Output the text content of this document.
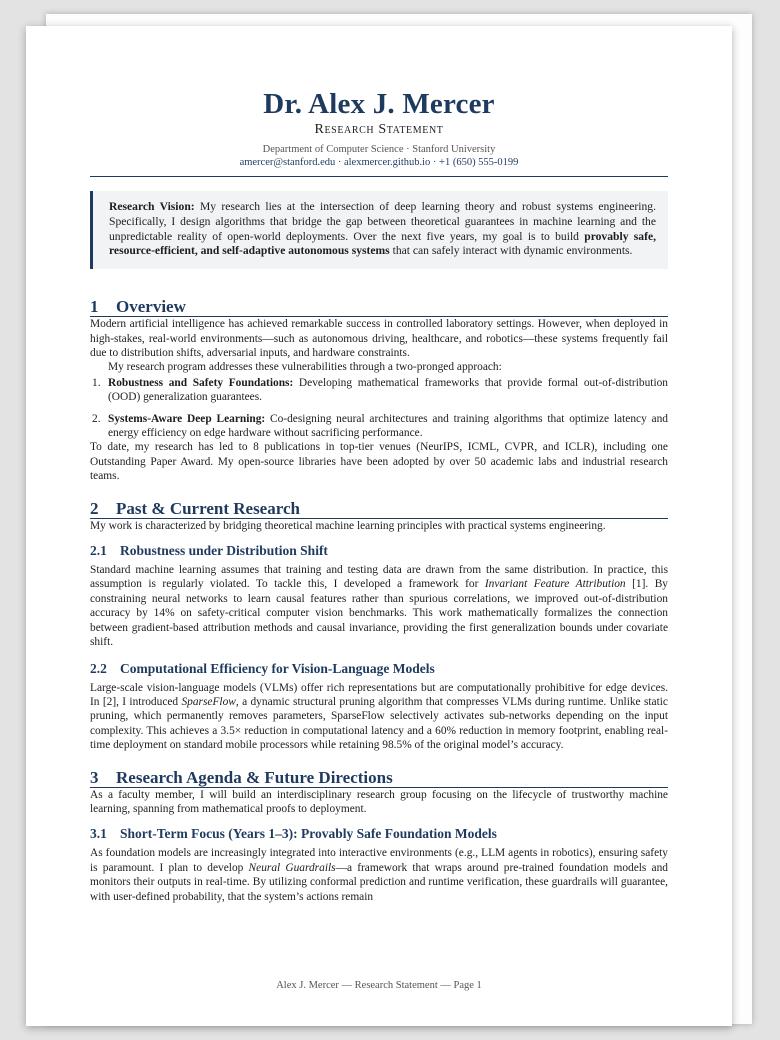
Dr. Alex J. Mercer
Research Statement
Department of Computer Science · Stanford University
amercer@stanford.edu · alexmercer.github.io · +1 (650) 555-0199
Research Vision: My research lies at the intersection of deep learning theory and robust systems engineering. Specifically, I design algorithms that bridge the gap between theoretical guarantees in machine learning and the unpredictable reality of open-world deployments. Over the next five years, my goal is to build provably safe, resource-efficient, and self-adaptive autonomous systems that can safely interact with dynamic environments.
1 Overview

Modern artificial intelligence has achieved remarkable success in controlled laboratory settings. However, when deployed in high-stakes, real-world environments—such as autonomous driving, healthcare, and robotics—these systems frequently fail due to distribution shifts, adversarial inputs, and hardware constraints.

My research program addresses these vulnerabilities through a two-pronged approach:

1. Robustness and Safety Foundations: Developing mathematical frameworks that provide formal out-of-distribution (OOD) generalization guarantees.
2. Systems-Aware Deep Learning: Co-designing neural architectures and training algorithms that optimize latency and energy efficiency on edge hardware without sacrificing performance.

To date, my research has led to 8 publications in top-tier venues (NeurIPS, ICML, CVPR, and ICLR), including one Outstanding Paper Award. My open-source libraries have been adopted by over 50 academic labs and industrial research teams.

2 Past & Current Research

My work is characterized by bridging theoretical machine learning principles with practical systems engineering.

2.1 Robustness under Distribution Shift

Standard machine learning assumes that training and testing data are drawn from the same distribution. In practice, this assumption is regularly violated. To tackle this, I developed a framework for Invariant Feature Attribution [1]. By constraining neural networks to learn causal features rather than spurious correlations, we improved out-of-distribution accuracy by 14% on safety-critical computer vision benchmarks. This work mathematically formalizes the connection between gradient-based attribution methods and causal invariance, providing the first generalization bounds under covariate shift.

2.2 Computational Efficiency for Vision-Language Models

Large-scale vision-language models (VLMs) offer rich representations but are computationally prohibitive for edge devices. In [2], I introduced SparseFlow, a dynamic structural pruning algorithm that compresses VLMs during runtime. Unlike static pruning, which permanently removes parameters, SparseFlow selectively activates sub-networks depending on the input complexity. This achieves a 3.5× reduction in computational latency and a 60% reduction in memory footprint, enabling real-time deployment on standard mobile processors while retaining 98.5% of the original model’s accuracy.

3 Research Agenda & Future Directions

As a faculty member, I will build an interdisciplinary research group focusing on the lifecycle of trustworthy machine learning, spanning from mathematical proofs to deployment.

3.1 Short-Term Focus (Years 1–3): Provably Safe Foundation Models

As foundation models are increasingly integrated into interactive environments (e.g., LLM agents in robotics), ensuring safety is paramount. I plan to develop Neural Guardrails—a framework that wraps around pre-trained foundation models and monitors their outputs in real-time. By utilizing conformal prediction and runtime verification, these guardrails will guarantee, with user-defined probability, that the system’s actions remain

Alex J. Mercer — Research Statement — Page 1
